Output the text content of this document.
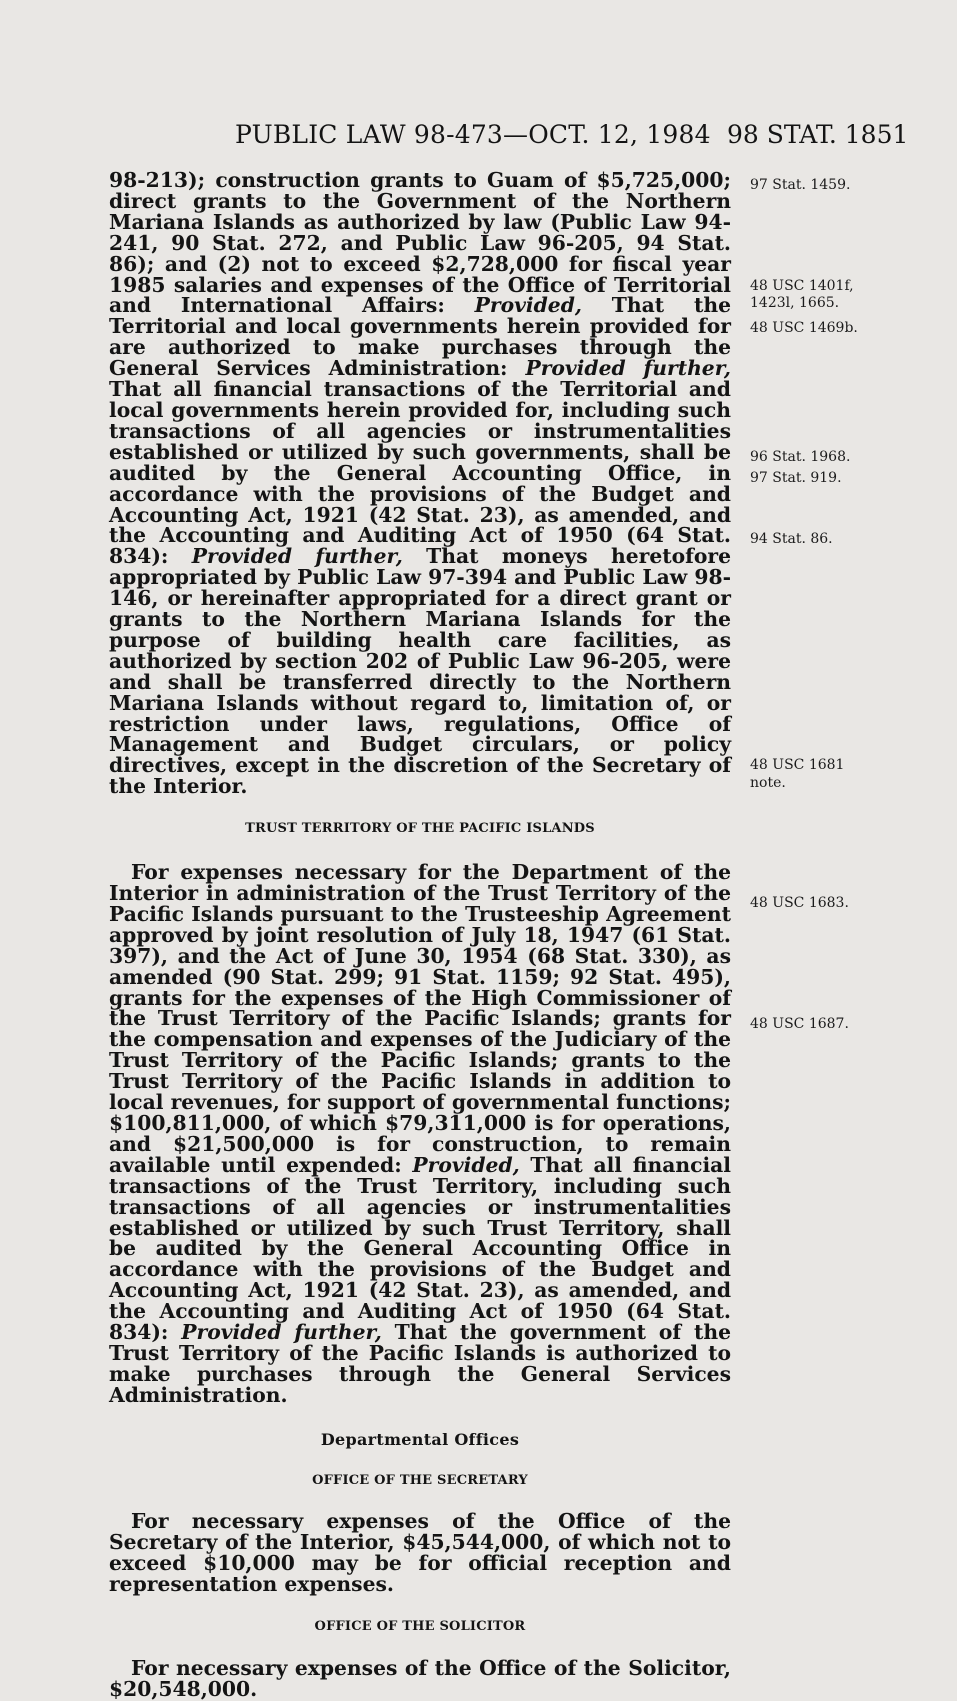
PUBLIC LAW 98-473—OCT. 12, 1984 98 STAT. 1851

98-213); construction grants to Guam of $5,725,000; direct grants to the Government of the Northern Mariana Islands as authorized by law (Public Law 94-241, 90 Stat. 272, and Public Law 96-205, 94 Stat. 86); and (2) not to exceed $2,728,000 for fiscal year 1985 salaries and expenses of the Office of Territorial and International Affairs: Provided, That the Territorial and local governments herein provided for are authorized to make purchases through the General Services Administration: Provided further, That all financial transactions of the Territorial and local governments herein provided for, including such transactions of all agencies or instrumentalities established or utilized by such governments, shall be audited by the General Accounting Office, in accordance with the provisions of the Budget and Accounting Act, 1921 (42 Stat. 23), as amended, and the Accounting and Auditing Act of 1950 (64 Stat. 834): Provided further, That moneys heretofore appropriated by Public Law 97-394 and Public Law 98-146, or hereinafter appropriated for a direct grant or grants to the Northern Mariana Islands for the purpose of building health care facilities, as authorized by section 202 of Public Law 96-205, were and shall be transferred directly to the Northern Mariana Islands without regard to, limitation of, or restriction under laws, regulations, Office of Management and Budget circulars, or policy directives, except in the discretion of the Secretary of the Interior.

TRUST TERRITORY OF THE PACIFIC ISLANDS

For expenses necessary for the Department of the Interior in administration of the Trust Territory of the Pacific Islands pursuant to the Trusteeship Agreement approved by joint resolution of July 18, 1947 (61 Stat. 397), and the Act of June 30, 1954 (68 Stat. 330), as amended (90 Stat. 299; 91 Stat. 1159; 92 Stat. 495), grants for the expenses of the High Commissioner of the Trust Territory of the Pacific Islands; grants for the compensation and expenses of the Judiciary of the Trust Territory of the Pacific Islands; grants to the Trust Territory of the Pacific Islands in addition to local revenues, for support of governmental functions; $100,811,000, of which $79,311,000 is for operations, and $21,500,000 is for construction, to remain available until expended: Provided, That all financial transactions of the Trust Territory, including such transactions of all agencies or instrumentalities established or utilized by such Trust Territory, shall be audited by the General Accounting Office in accordance with the provisions of the Budget and Accounting Act, 1921 (42 Stat. 23), as amended, and the Accounting and Auditing Act of 1950 (64 Stat. 834): Provided further, That the government of the Trust Territory of the Pacific Islands is authorized to make purchases through the General Services Administration.

Departmental Offices

OFFICE OF THE SECRETARY

For necessary expenses of the Office of the Secretary of the Interior, $45,544,000, of which not to exceed $10,000 may be for official reception and representation expenses.

OFFICE OF THE SOLICITOR

For necessary expenses of the Office of the Solicitor, $20,548,000.

97 Stat. 1459.
48 USC 1401f,
1423l, 1665.
48 USC 1469b.
96 Stat. 1968.
97 Stat. 919.
94 Stat. 86.
48 USC 1681
note.
48 USC 1683.
48 USC 1687.
